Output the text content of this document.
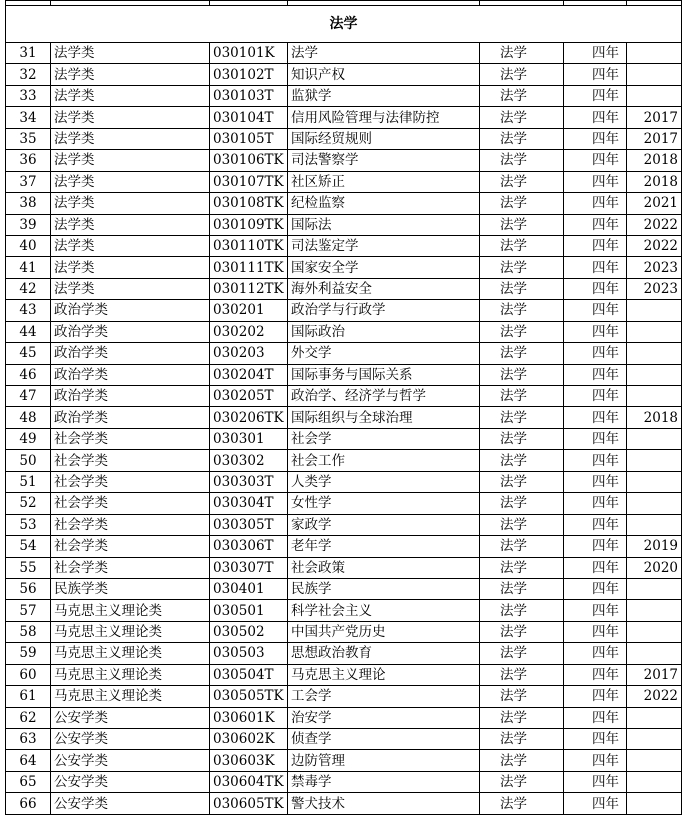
法学						
31	法学类	030101K	法学	法学	四年	
32	法学类	030102T	知识产权	法学	四年	
33	法学类	030103T	监狱学	法学	四年	
34	法学类	030104T	信用风险管理与法律防控	法学	四年	2017
35	法学类	030105T	国际经贸规则	法学	四年	2017
36	法学类	030106TK	司法警察学	法学	四年	2018
37	法学类	030107TK	社区矫正	法学	四年	2018
38	法学类	030108TK	纪检监察	法学	四年	2021
39	法学类	030109TK	国际法	法学	四年	2022
40	法学类	030110TK	司法鉴定学	法学	四年	2022
41	法学类	030111TK	国家安全学	法学	四年	2023
42	法学类	030112TK	海外利益安全	法学	四年	2023
43	政治学类	030201	政治学与行政学	法学	四年	
44	政治学类	030202	国际政治	法学	四年	
45	政治学类	030203	外交学	法学	四年	
46	政治学类	030204T	国际事务与国际关系	法学	四年	
47	政治学类	030205T	政治学、经济学与哲学	法学	四年	
48	政治学类	030206TK	国际组织与全球治理	法学	四年	2018
49	社会学类	030301	社会学	法学	四年	
50	社会学类	030302	社会工作	法学	四年	
51	社会学类	030303T	人类学	法学	四年	
52	社会学类	030304T	女性学	法学	四年	
53	社会学类	030305T	家政学	法学	四年	
54	社会学类	030306T	老年学	法学	四年	2019
55	社会学类	030307T	社会政策	法学	四年	2020
56	民族学类	030401	民族学	法学	四年	
57	马克思主义理论类	030501	科学社会主义	法学	四年	
58	马克思主义理论类	030502	中国共产党历史	法学	四年	
59	马克思主义理论类	030503	思想政治教育	法学	四年	
60	马克思主义理论类	030504T	马克思主义理论	法学	四年	2017
61	马克思主义理论类	030505TK	工会学	法学	四年	2022
62	公安学类	030601K	治安学	法学	四年	
63	公安学类	030602K	侦查学	法学	四年	
64	公安学类	030603K	边防管理	法学	四年	
65	公安学类	030604TK	禁毒学	法学	四年	
66	公安学类	030605TK	警犬技术	法学	四年	
